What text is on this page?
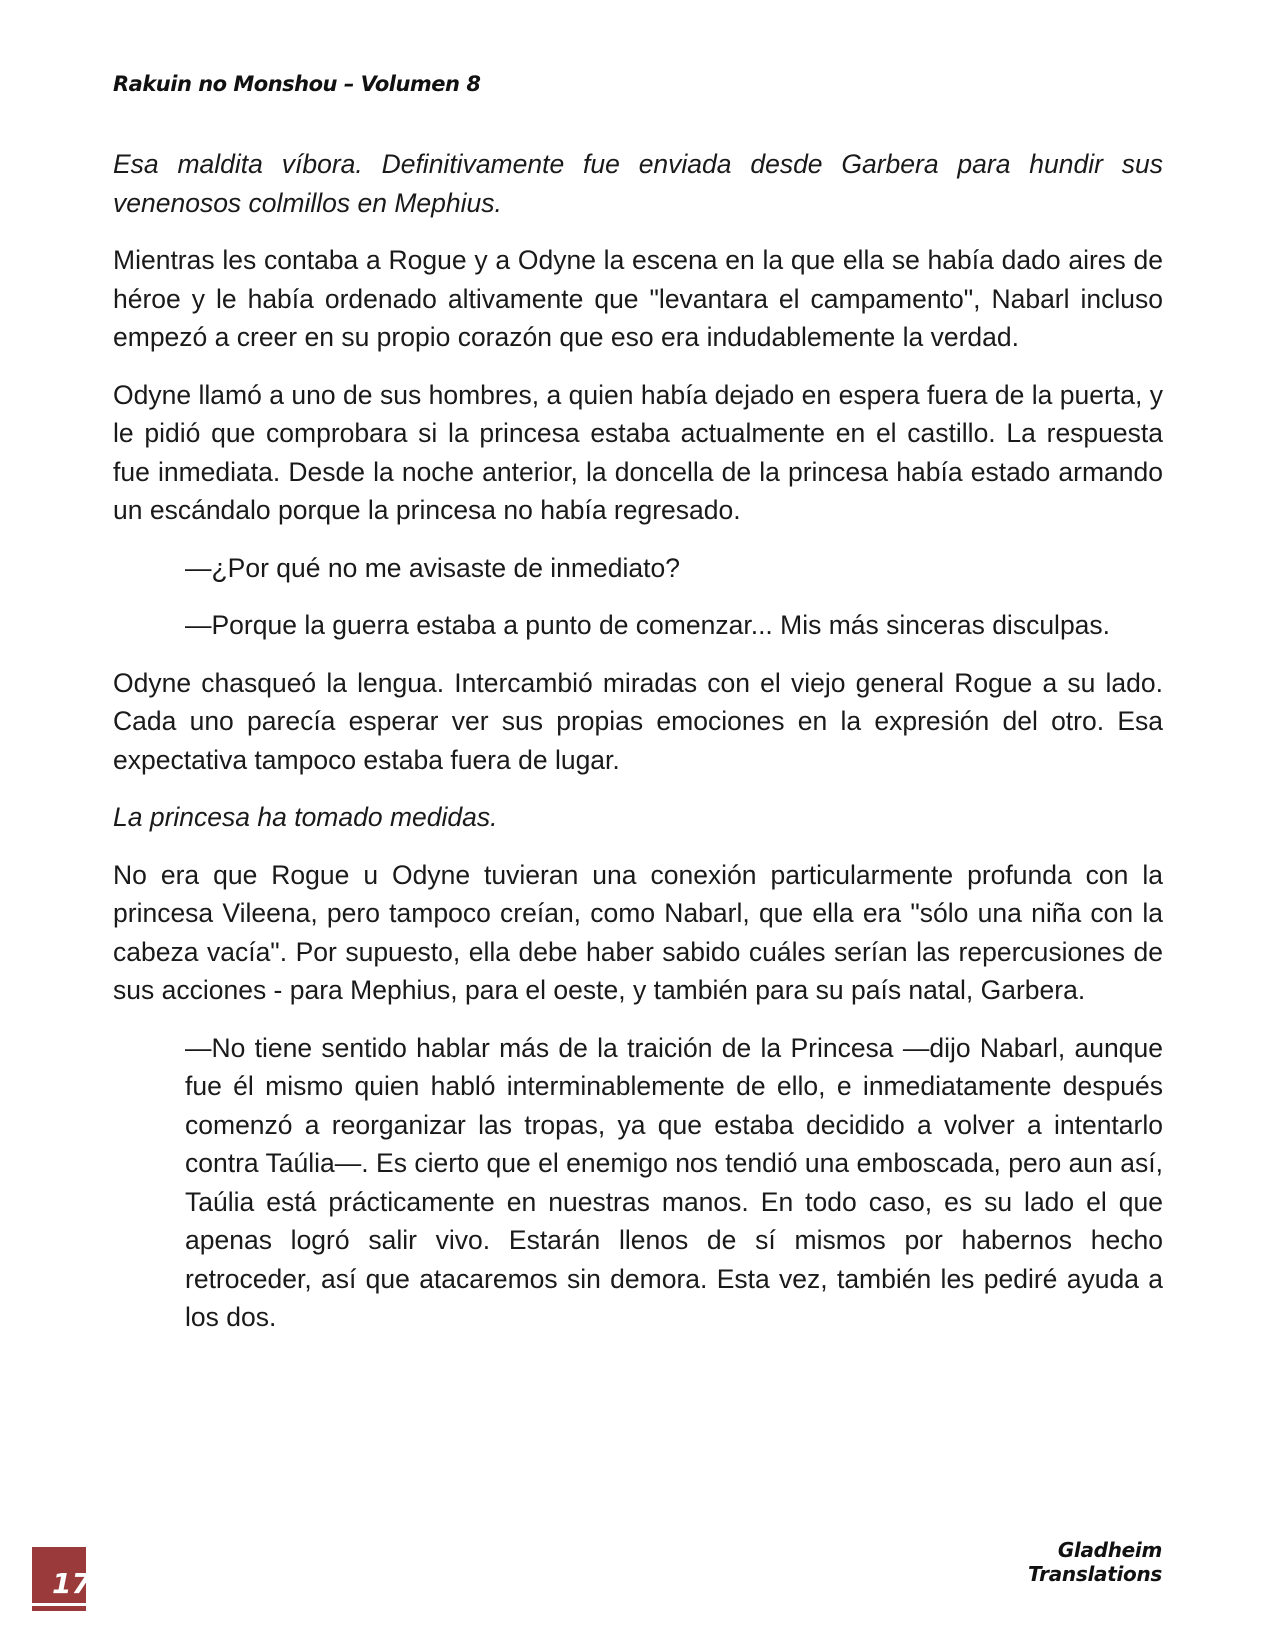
Rakuin no Monshou – Volumen 8

Esa maldita víbora. Definitivamente fue enviada desde Garbera para hundir sus venenosos colmillos en Mephius.

Mientras les contaba a Rogue y a Odyne la escena en la que ella se había dado aires de héroe y le había ordenado altivamente que "levantara el campamento", Nabarl incluso empezó a creer en su propio corazón que eso era indudablemente la verdad.

Odyne llamó a uno de sus hombres, a quien había dejado en espera fuera de la puerta, y le pidió que comprobara si la princesa estaba actualmente en el castillo. La respuesta fue inmediata. Desde la noche anterior, la doncella de la princesa había estado armando un escándalo porque la princesa no había regresado.

—¿Por qué no me avisaste de inmediato?

—Porque la guerra estaba a punto de comenzar... Mis más sinceras disculpas.

Odyne chasqueó la lengua. Intercambió miradas con el viejo general Rogue a su lado. Cada uno parecía esperar ver sus propias emociones en la expresión del otro. Esa expectativa tampoco estaba fuera de lugar.

La princesa ha tomado medidas.

No era que Rogue u Odyne tuvieran una conexión particularmente profunda con la princesa Vileena, pero tampoco creían, como Nabarl, que ella era "sólo una niña con la cabeza vacía". Por supuesto, ella debe haber sabido cuáles serían las repercusiones de sus acciones - para Mephius, para el oeste, y también para su país natal, Garbera.

—No tiene sentido hablar más de la traición de la Princesa —dijo Nabarl, aunque fue él mismo quien habló interminablemente de ello, e inmediatamente después comenzó a reorganizar las tropas, ya que estaba decidido a volver a intentarlo contra Taúlia—. Es cierto que el enemigo nos tendió una emboscada, pero aun así, Taúlia está prácticamente en nuestras manos. En todo caso, es su lado el que apenas logró salir vivo. Estarán llenos de sí mismos por habernos hecho retroceder, así que atacaremos sin demora. Esta vez, también les pediré ayuda a los dos.

17
Gladheim Translations
